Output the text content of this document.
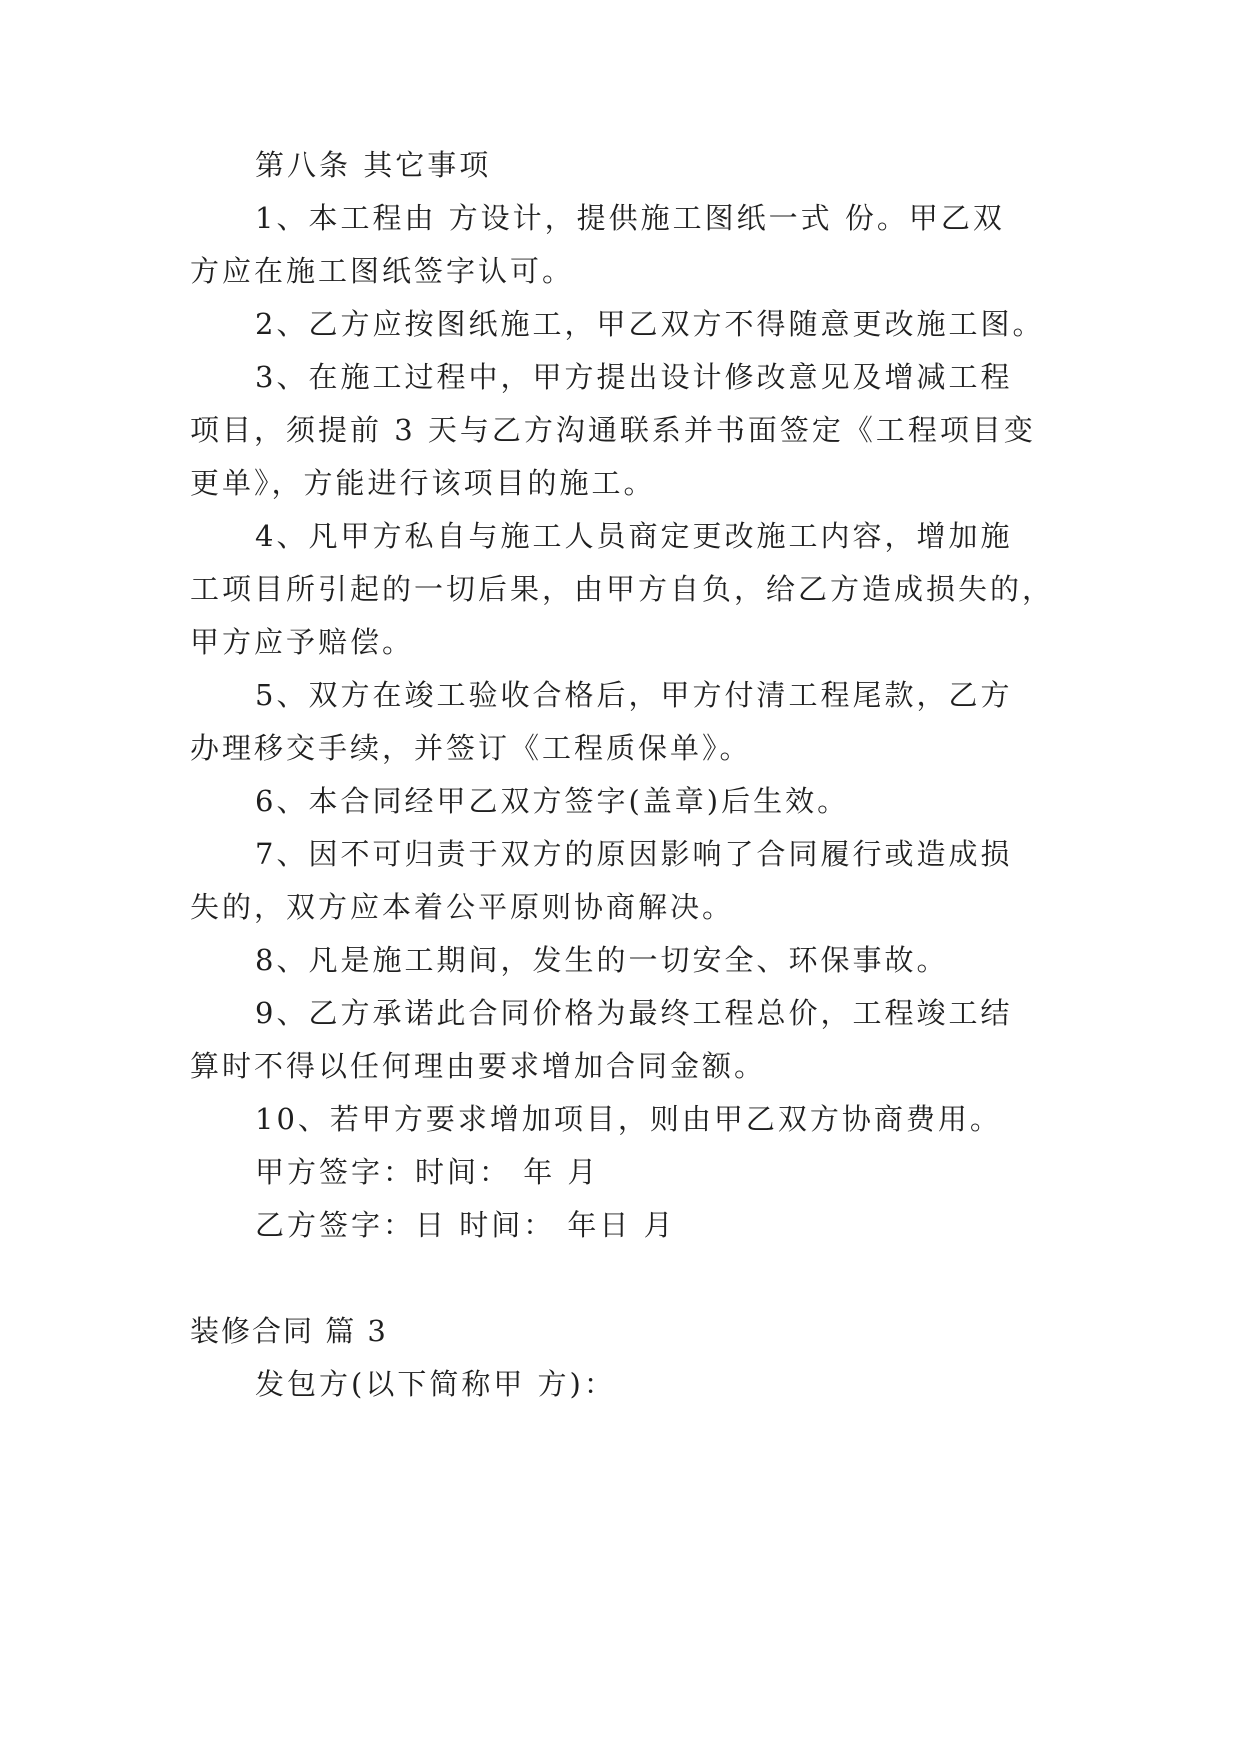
第八条 其它事项
1、本工程由 方设计，提供施工图纸一式 份。甲乙双
方应在施工图纸签字认可。
2、乙方应按图纸施工，甲乙双方不得随意更改施工图。
3、在施工过程中，甲方提出设计修改意见及增减工程
项目，须提前 3 天与乙方沟通联系并书面签定《工程项目变
更单》，方能进行该项目的施工。
4、凡甲方私自与施工人员商定更改施工内容，增加施
工项目所引起的一切后果，由甲方自负，给乙方造成损失的，
甲方应予赔偿。
5、双方在竣工验收合格后，甲方付清工程尾款，乙方
办理移交手续，并签订《工程质保单》。
6、本合同经甲乙双方签字(盖章)后生效。
7、因不可归责于双方的原因影响了合同履行或造成损
失的，双方应本着公平原则协商解决。
8、凡是施工期间，发生的一切安全、环保事故。
9、乙方承诺此合同价格为最终工程总价，工程竣工结
算时不得以任何理由要求增加合同金额。
10、若甲方要求增加项目，则由甲乙双方协商费用。
甲方签字：时间： 年 月
乙方签字：日 时间： 年日 月
装修合同 篇 3
发包方(以下简称甲 方)：
